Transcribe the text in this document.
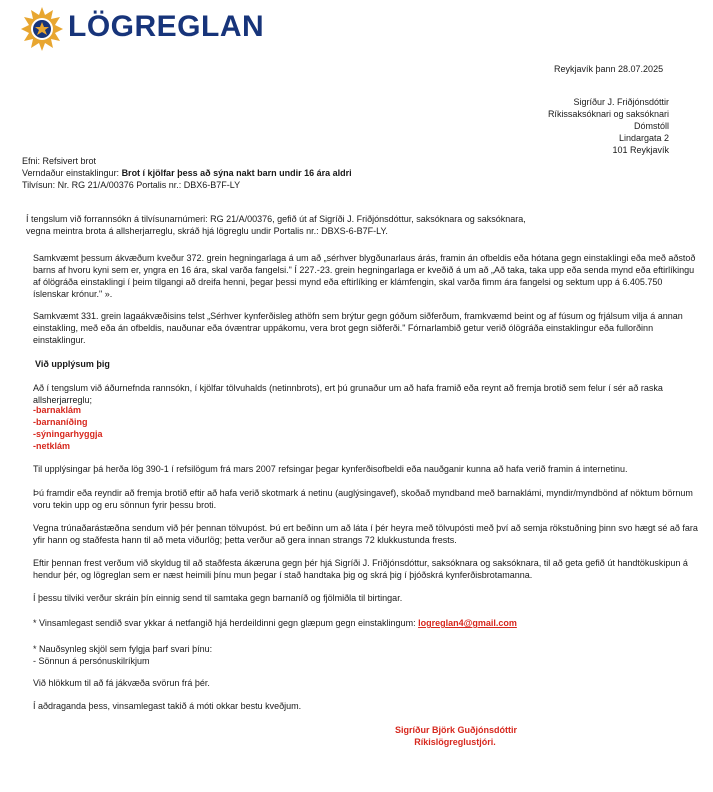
LÖGREGLAN
Reykjavík þann 28.07.2025
Sigríður J. Friðjónsdóttir
Ríkissaksóknari og saksóknari
Dómstóll
Lindargata 2
101 Reykjavík
Efni: Refsivert brot
Verndaður einstaklingur: Brot í kjölfar þess að sýna nakt barn undir 16 ára aldri
Tilvísun: Nr. RG 21/A/00376 Portalis nr.: DBX6-B7F-LY
Í tengslum við forrannsókn á tilvísunarnúmeri: RG 21/A/00376, gefið út af Sigríði J. Friðjónsdóttur, saksóknara og saksóknara,
vegna meintra brota á allsherjarreglu, skráð hjá lögreglu undir Portalis nr.: DBXS-6-B7F-LY.
Samkvæmt þessum ákvæðum kveður 372. grein hegningarlaga á um að „sérhver blygðunarlaus árás, framin án ofbeldis eða hótana gegn einstaklingi eða með aðstoð barns af hvoru kyni sem er, yngra en 16 ára, skal varða fangelsi." Í 227.-23. grein hegningarlaga er kveðið á um að „Að taka, taka upp eða senda mynd eða eftirlíkingu af ólögráða einstaklingi í þeim tilgangi að dreifa henni, þegar þessi mynd eða eftirlíking er klámfengin, skal varða fimm ára fangelsi og sektum upp á 6.405.750 íslenskar krónur." ».
Samkvæmt 331. grein lagaákvæðisins telst „Sérhver kynferðisleg athöfn sem brýtur gegn góðum siðferðum, framkvæmd beint og af fúsum og frjálsum vilja á annan einstakling, með eða án ofbeldis, nauðunar eða óvæntrar uppákomu, vera brot gegn siðferði." Fórnarlambið getur verið ólögráða einstaklingur eða fullorðinn einstaklingur.
Við upplýsum þig
Að í tengslum við áðurnefnda rannsókn, í kjölfar tölvuhalds (netinnbrots), ert þú grunaður um að hafa framið eða reynt að fremja brotið sem felur í sér að raska allsherjarreglu;
-barnaklám
-barnaníðing
-sýningarhyggja
-netklám
Til upplýsingar þá herða lög 390-1 í refsilögum frá mars 2007 refsingar þegar kynferðisofbeldi eða nauðganir kunna að hafa verið framin á internetinu.
Þú framdir eða reyndir að fremja brotið eftir að hafa verið skotmark á netinu (auglýsingavef), skoðað myndband með barnaklámi, myndir/myndbönd af nöktum börnum voru tekin upp og eru sönnun fyrir þessu broti.
Vegna trúnaðarástæðna sendum við þér þennan tölvupóst. Þú ert beðinn um að láta í þér heyra með tölvupósti með því að semja rökstuðning þinn svo hægt sé að fara yfir hann og staðfesta hann til að meta viðurlög; þetta verður að gera innan strangs 72 klukkustunda frests.
Eftir þennan frest verðum við skyldug til að staðfesta ákæruna gegn þér hjá Sigríði J. Friðjónsdóttur, saksóknara og saksóknara, til að geta gefið út handtökuskipun á hendur þér, og lögreglan sem er næst heimili þínu mun þegar í stað handtaka þig og skrá þig í þjóðskrá kynferðisbrotamanna.
Í þessu tilviki verður skráin þín einnig send til samtaka gegn barnaníð og fjölmiðla til birtingar.
* Vinsamlegast sendið svar ykkar á netfangið hjá herdeildinni gegn glæpum gegn einstaklingum: logreglan4@gmail.com
* Nauðsynleg skjöl sem fylgja þarf svari þínu:
- Sönnun á persónuskilríkjum
Við hlökkum til að fá jákvæða svörun frá þér.
Í aðdraganda þess, vinsamlegast takið á móti okkar bestu kveðjum.
Sigríður Björk Guðjónsdóttir
Ríkislögreglustjóri.
